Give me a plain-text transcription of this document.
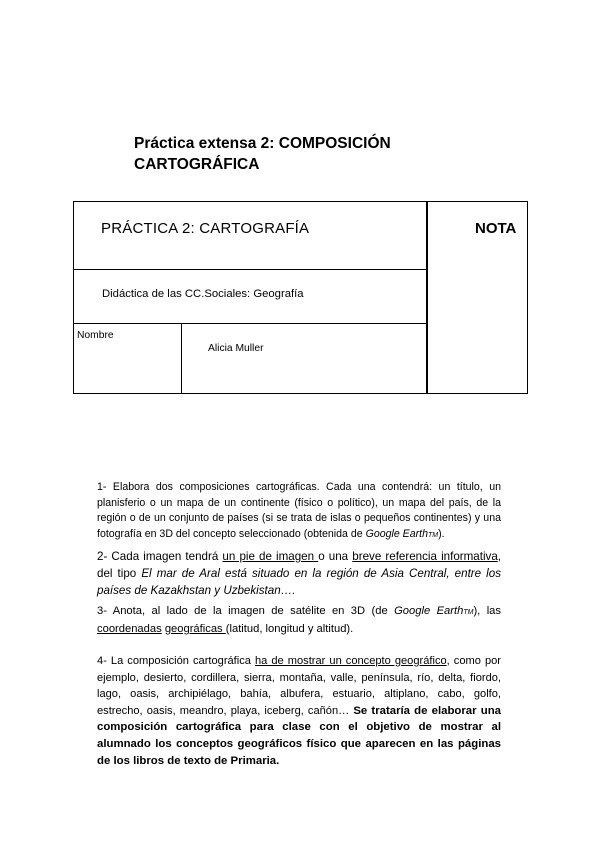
Práctica extensa 2: COMPOSICIÓN
CARTOGRÁFICA
PRÁCTICA 2: CARTOGRAFÍA	NOTA
Didáctica de las CC.Sociales: Geografía
Nombre
Alicia Muller
1- Elabora dos composiciones cartográficas. Cada una contendrá: un título, un planisferio o un mapa de un continente (físico o político), un mapa del país, de la región o de un conjunto de países (si se trata de islas o pequeños continentes) y una fotografía en 3D del concepto seleccionado (obtenida de Google EarthTM).
2- Cada imagen tendrá un pie de imagen o una breve referencia informativa, del tipo El mar de Aral está situado en la región de Asia Central, entre los países de Kazakhstan y Uzbekistan….
3- Anota, al lado de la imagen de satélite en 3D (de Google EarthTM), las coordenadas geográficas (latitud, longitud y altitud).
4- La composición cartográfica ha de mostrar un concepto geográfico, como por ejemplo, desierto, cordillera, sierra, montaña, valle, península, río, delta, fiordo, lago, oasis, archipiélago, bahía, albufera, estuario, altiplano, cabo, golfo, estrecho, oasis, meandro, playa, iceberg, cañón… Se trataría de elaborar una composición cartográfica para clase con el objetivo de mostrar al alumnado los conceptos geográficos físico que aparecen en las páginas de los libros de texto de Primaria.
